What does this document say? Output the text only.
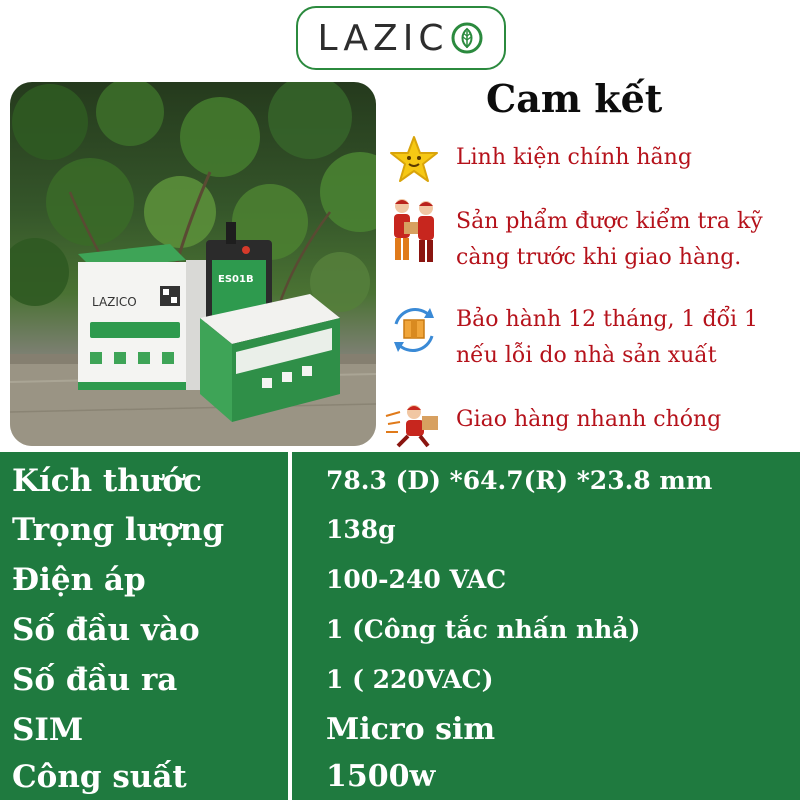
LAZIC
ES01B
LAZICO
Cam kết
Linh kiện chính hãng
Sản phẩm được kiểm tra kỹ
càng trước khi giao hàng.
Bảo hành 12 tháng, 1 đổi 1
nếu lỗi do nhà sản xuất
Giao hàng nhanh chóng
Kích thước	78.3 (D) *64.7(R) *23.8 mm
Trọng lượng	138g
Điện áp	100-240 VAC
Số đầu vào	1 (Công tắc nhấn nhả)
Số đầu ra	1 ( 220VAC)
SIM	Micro sim
Công suất	1500w
